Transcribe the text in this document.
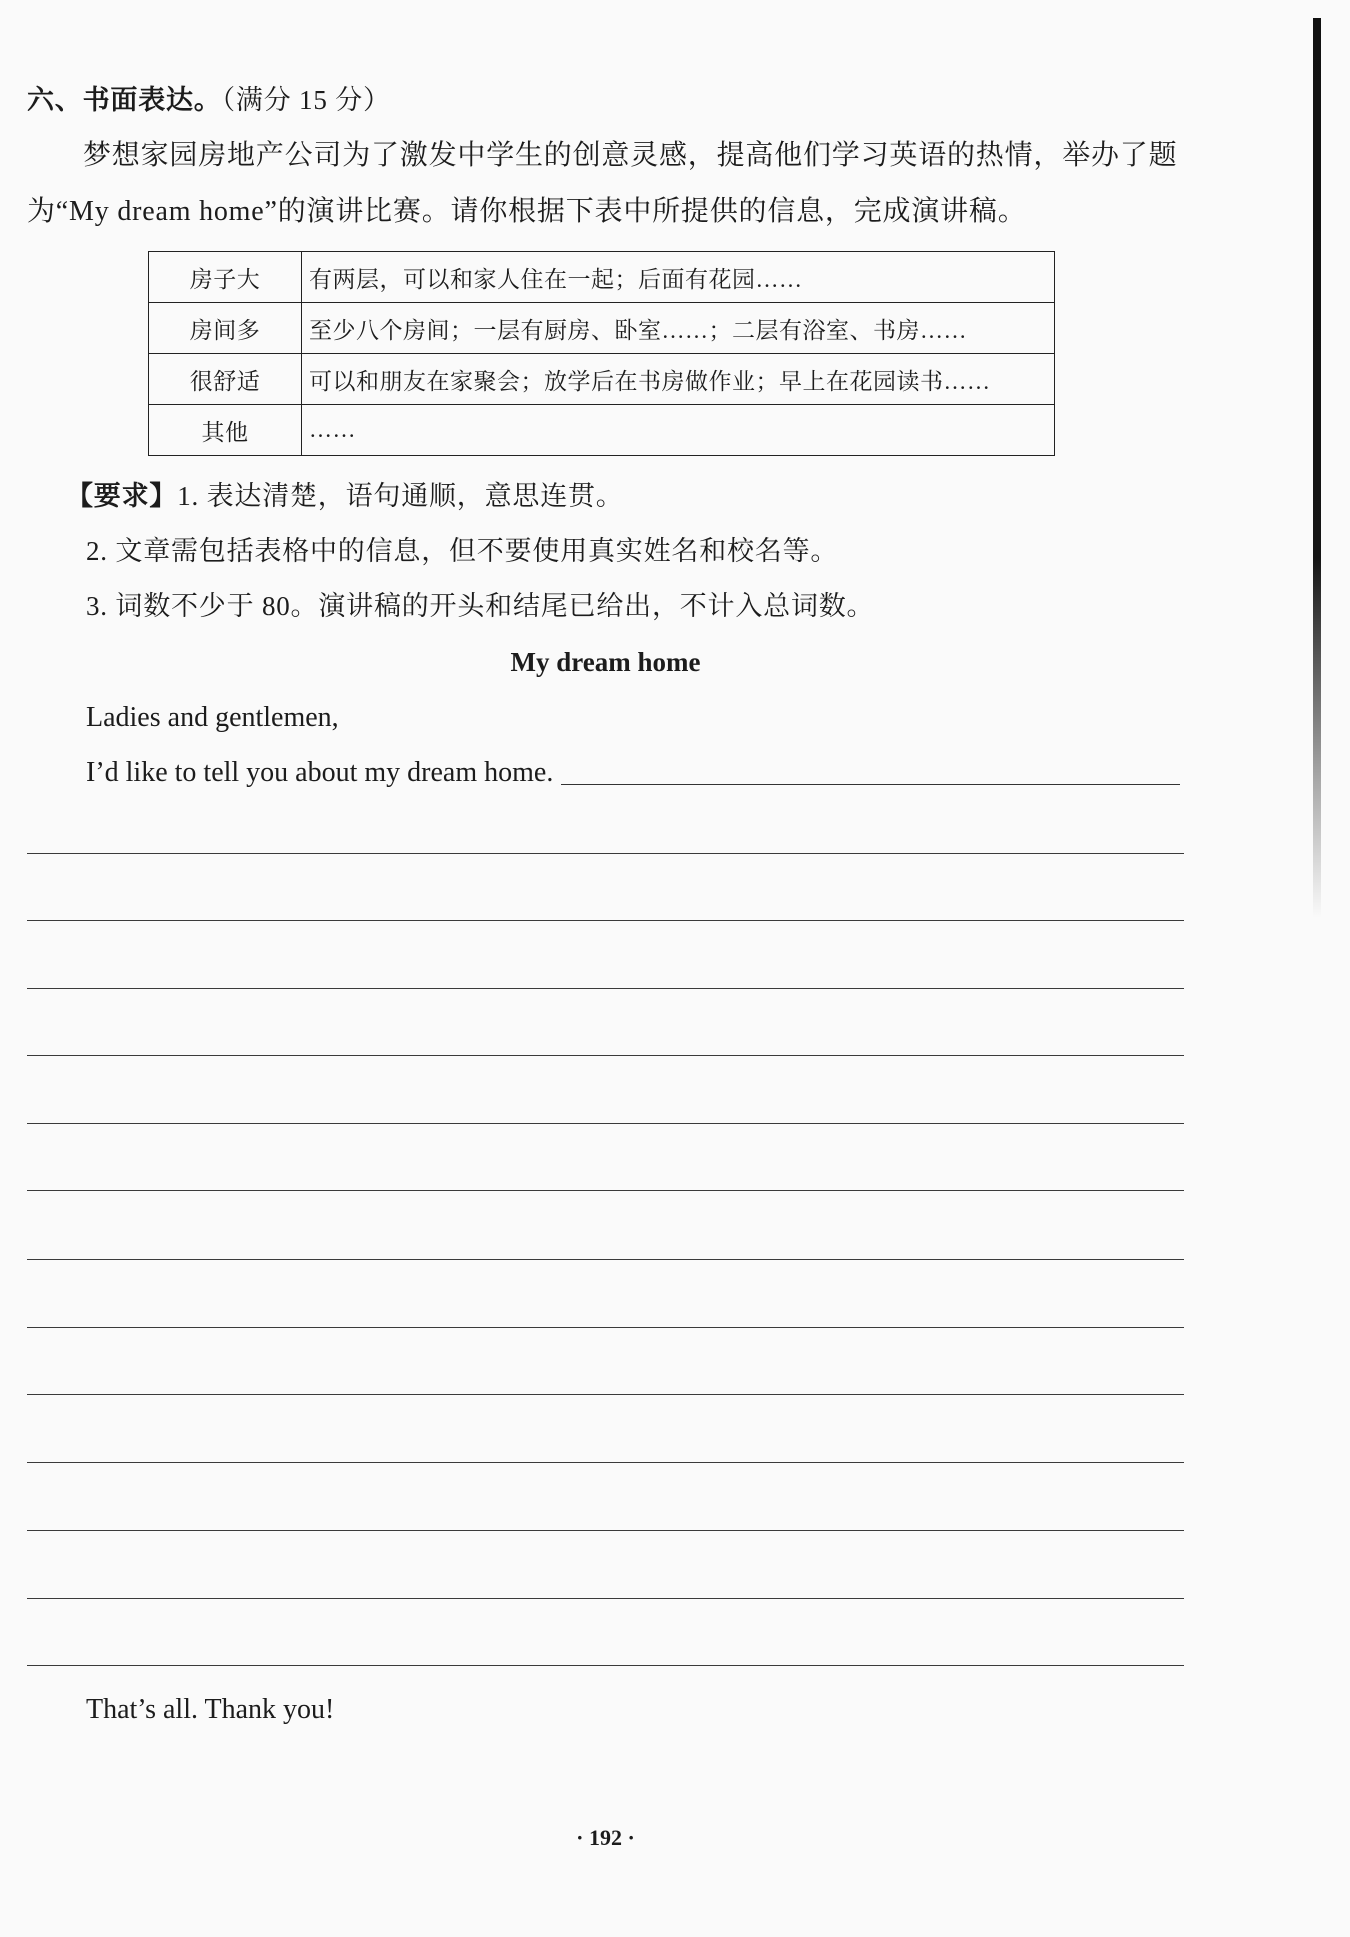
六、书面表达。（满分 15 分）
梦想家园房地产公司为了激发中学生的创意灵感，提高他们学习英语的热情，举办了题
为“My dream home”的演讲比赛。请你根据下表中所提供的信息，完成演讲稿。
房子大	有两层，可以和家人住在一起；后面有花园……
房间多	至少八个房间；一层有厨房、卧室……；二层有浴室、书房……
很舒适	可以和朋友在家聚会；放学后在书房做作业；早上在花园读书……
其他	……
【要求】1. 表达清楚，语句通顺，意思连贯。
2. 文章需包括表格中的信息，但不要使用真实姓名和校名等。
3. 词数不少于 80。演讲稿的开头和结尾已给出，不计入总词数。
My dream home
Ladies and gentlemen,
I’d like to tell you about my dream home.
That’s all. Thank you!
· 192 ·
